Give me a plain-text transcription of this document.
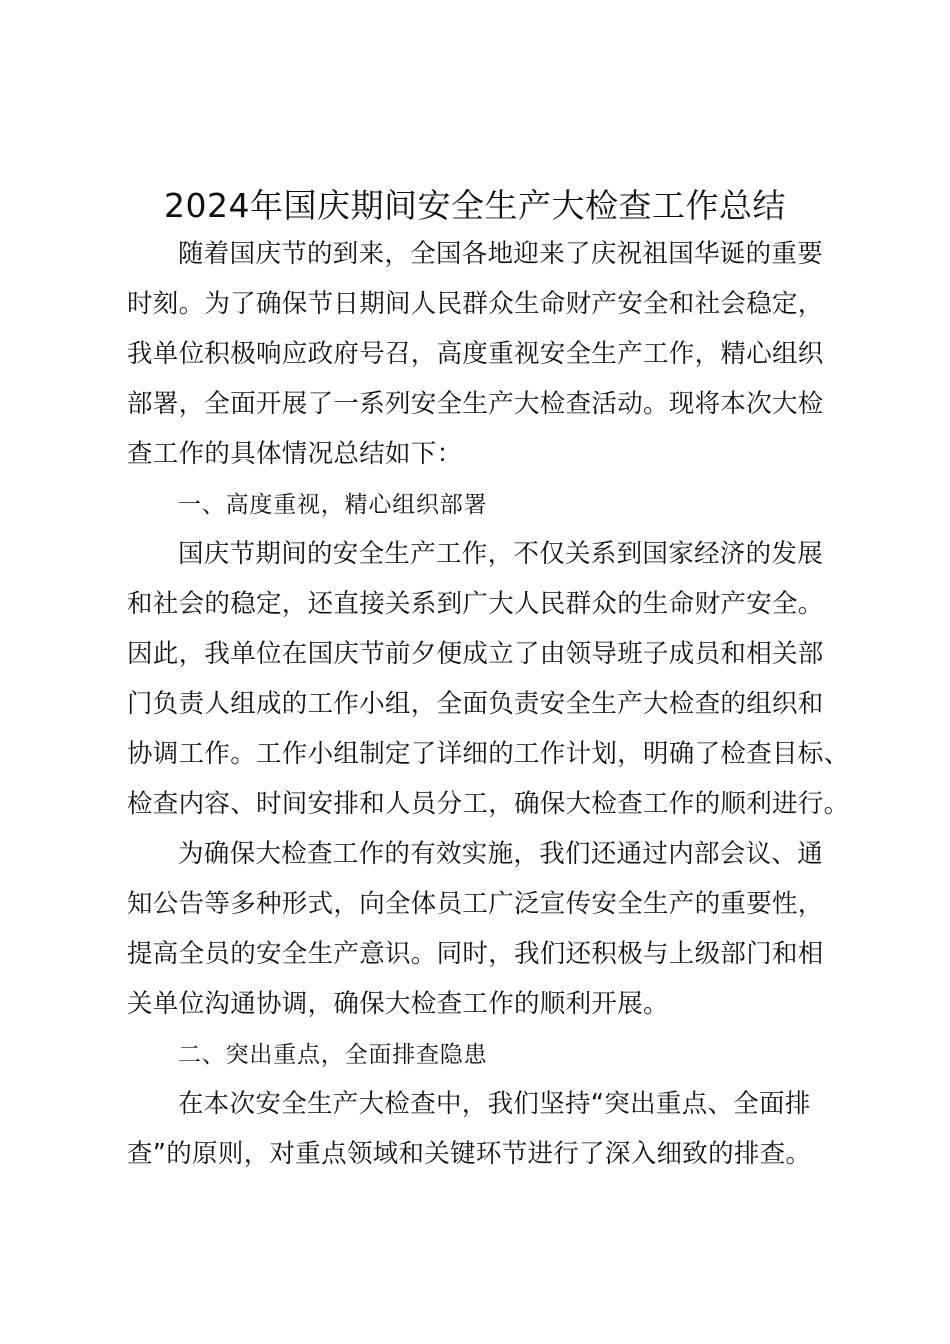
2024年国庆期间安全生产大检查工作总结
随着国庆节的到来，全国各地迎来了庆祝祖国华诞的重要
时刻。为了确保节日期间人民群众生命财产安全和社会稳定，
我单位积极响应政府号召，高度重视安全生产工作，精心组织
部署，全面开展了一系列安全生产大检查活动。现将本次大检
查工作的具体情况总结如下：
一、高度重视，精心组织部署
国庆节期间的安全生产工作，不仅关系到国家经济的发展
和社会的稳定，还直接关系到广大人民群众的生命财产安全。
因此，我单位在国庆节前夕便成立了由领导班子成员和相关部
门负责人组成的工作小组，全面负责安全生产大检查的组织和
协调工作。工作小组制定了详细的工作计划，明确了检查目标、
检查内容、时间安排和人员分工，确保大检查工作的顺利进行。
为确保大检查工作的有效实施，我们还通过内部会议、通
知公告等多种形式，向全体员工广泛宣传安全生产的重要性，
提高全员的安全生产意识。同时，我们还积极与上级部门和相
关单位沟通协调，确保大检查工作的顺利开展。
二、突出重点，全面排查隐患
在本次安全生产大检查中，我们坚持“突出重点、全面排
查”的原则，对重点领域和关键环节进行了深入细致的排查。
